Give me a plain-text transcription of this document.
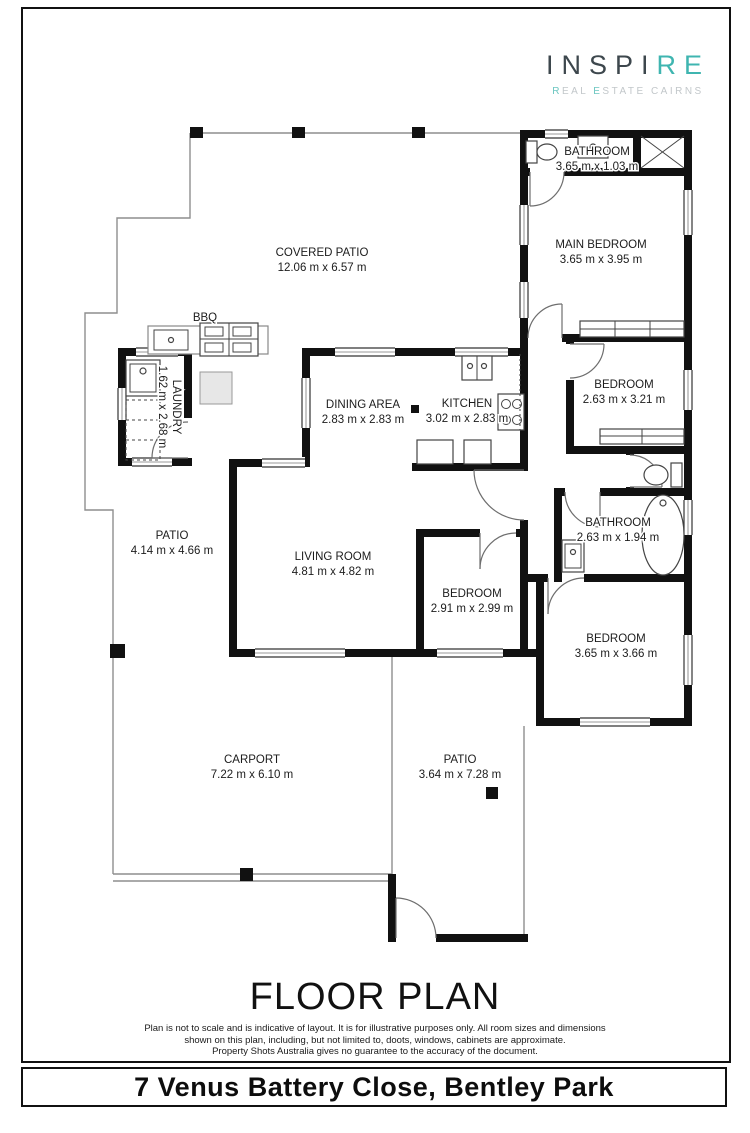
INSPIRE
REAL ESTATE CAIRNS
COVERED PATIO
12.06 m x 6.57 m
BBQ
LAUNDRY
1.62 m x 2.68 m	DINING AREA
2.83 m x 2.83 m
KITCHEN
3.02 m x 2.83 m
BATHROOM
3.65 m x 1.03 m
MAIN BEDROOM
3.65 m x 3.95 m
BEDROOM
2.63 m x 3.21 m
PATIO
4.14 m x 4.66 m	LIVING ROOM
4.81 m x 4.82 m
BATHROOM
2.63 m x 1.94 m
BEDROOM
2.91 m x 2.99 m
BEDROOM
3.65 m x 3.66 m
CARPORT
7.22 m x 6.10 m
PATIO
3.64 m x 7.28 m
FLOOR PLAN
Plan is not to scale and is indicative of layout. It is for illustrative purposes only. All room sizes and dimensions
shown on this plan, including, but not limited to, doots, windows, cabinets are approximate.
Property Shots Australia gives no guarantee to the accuracy of the document.
7 Venus Battery Close, Bentley Park
